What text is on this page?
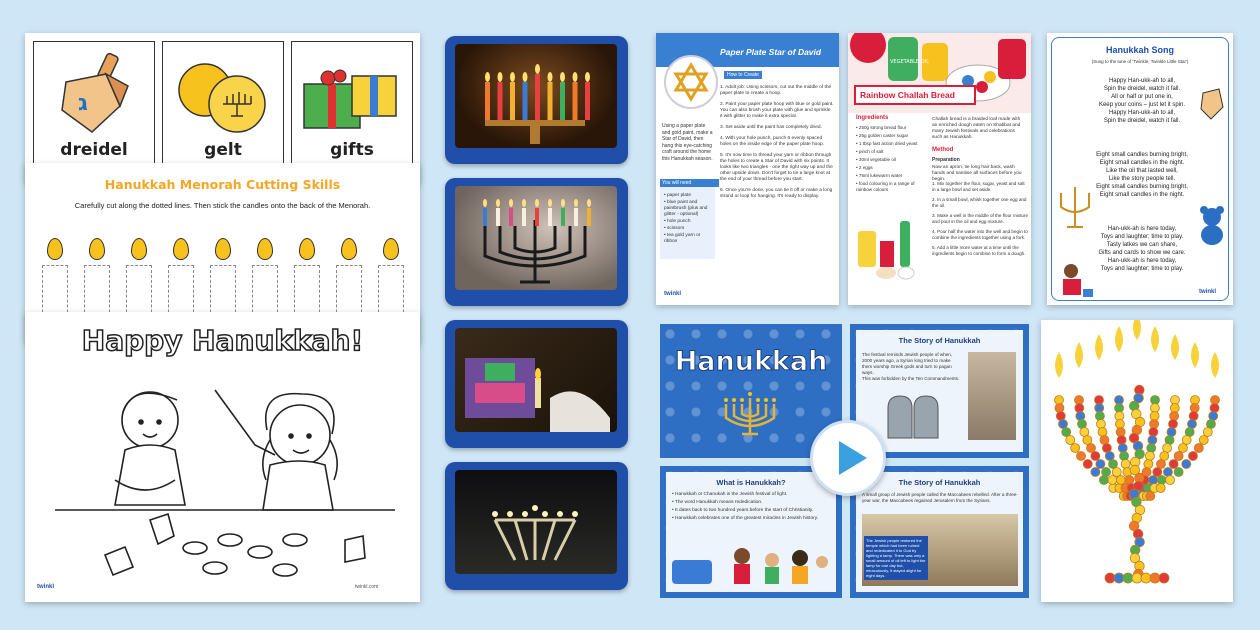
ג
dreidel	gelt	gifts
Hanukkah Menorah Cutting Skills
Carefully cut along the dotted lines. Then stick the candles onto the back of the Menorah.
Happy Hanukkah!
twinkl	twinkl.com
Paper Plate Star of David
How to Create
Using a paper plate and gold paint, make a Star of David, then hang this eye-catching craft around the home this Hanukkah season.
You will need
• paper plate
• blue paint and paintbrush (plus and glitter - optional)
• hole punch
• scissors
• tea gold yarn or ribbon
1. Adult job: Using scissors, cut out the middle of the paper plate to create a hoop.
2. Paint your paper plate hoop with blue or gold paint. You can also brush your plate with glue and sprinkle it with glitter to make it extra special.
3. Set aside until the paint has completely dried.
4. With your hole punch, punch 6 evenly spaced holes on the inside edge of the paper plate hoop.
5. It's now time to thread your yarn or ribbon through the holes to create a Star of David with six points. It looks like two triangles - one the right way up and the other upside down. Don't forget to tie a large knot at the end of your thread before you start.
6. Once you're done, you can tie it off or make a long strand or loop for hanging. It's ready to display.
twinkl
VEGETABLE OIL
Rainbow Challah Bread
Ingredients
• 250g strong bread flour
• 25g golden caster sugar
• 1 tbsp fast action dried yeast
• pinch of salt
• 30ml vegetable oil
• 2 eggs
• 75ml lukewarm water
• food colouring in a range of rainbow colours
Challah bread is a braided loaf made with an enriched dough eaten on Shabbat and many Jewish festivals and celebrations such as Hanukkah.
Method
Preparation
Now an apron, tie long hair back, wash hands and sanitise all surfaces before you begin.
1. Mix together the flour, sugar, yeast and salt in a large bowl and set aside.
2. In a small bowl, whisk together one egg and the oil.
3. Make a well in the middle of the flour mixture and pour in the oil and egg mixture.
4. Pour half the water into the well and begin to combine the ingredients together using a fork.
5. Add a little more water at a time until the ingredients begin to combine to form a dough.
Hanukkah Song
(Sung to the tune of 'Twinkle, Twinkle Little Star')
Happy Han-ukk-ah to all,
Spin the dreidel, watch it fall.
All or half or put one in,
Keep your coins – just let it spin.
Happy Han-ukk-ah to all,
Spin the dreidel, watch it fall.
Eight small candles burning bright,
Eight small candles in the night.
Like the oil that lasted well,
Like the story people tell.
Eight small candles burning bright,
Eight small candles in the night.
Han-ukk-ah is here today,
Toys and laughter; time to play.
Tasty latkes we can share,
Gifts and cards to show we care.
Han-ukk-ah is here today,
Toys and laughter; time to play.
twinkl
Hanukkah
The Story of Hanukkah
The festival reminds Jewish people of when, 2000 years ago, a Syrian king tried to make them worship Greek gods and turn to pagan ways.
This was forbidden by the Ten Commandments.
What is Hanukkah?
• Hanukkah or Chanukah is the Jewish festival of light.
• The word Hanukkah means rededication.
• It dates back to two hundred years before the start of Christianity.
• Hanukkah celebrates one of the greatest miracles in Jewish history.
The Story of Hanukkah
A small group of Jewish people called the Maccabees rebelled. After a three-year war, the Maccabees regained Jerusalem from the Syrians.
The Jewish people restored the temple which had been ruined and rededicated it to God by lighting a lamp. There was only a small amount of oil left to light the lamp for one day but, miraculously, it stayed alight for eight days.
